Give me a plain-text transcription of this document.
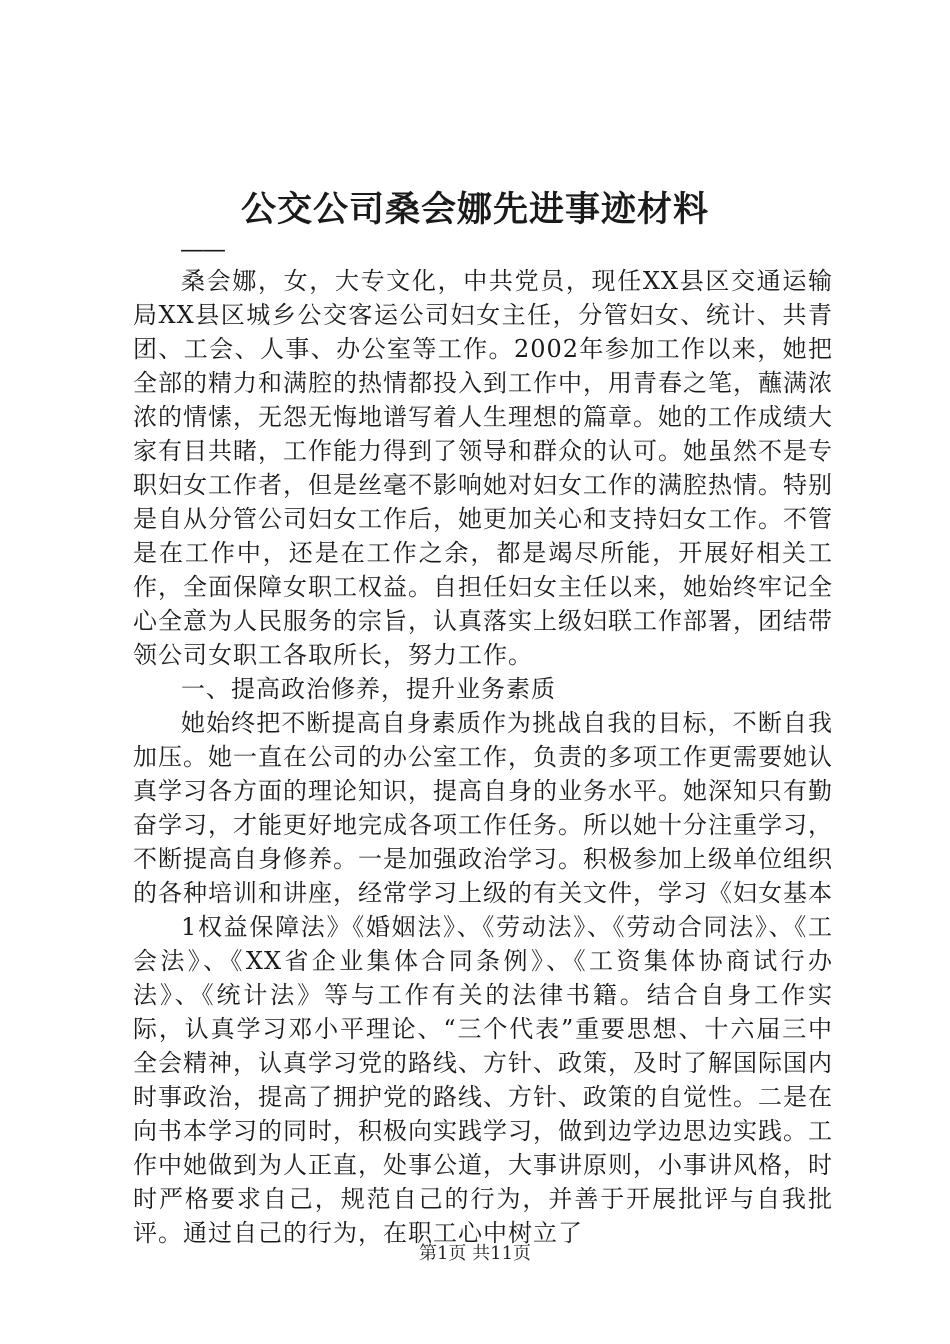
公交公司桑会娜先进事迹材料
——

桑会娜，女，大专文化，中共党员，现任XX县区交通运输局XX县区城乡公交客运公司妇女主任，分管妇女、统计、共青团、工会、人事、办公室等工作。2002年参加工作以来，她把全部的精力和满腔的热情都投入到工作中，用青春之笔，蘸满浓浓的情愫，无怨无悔地谱写着人生理想的篇章。她的工作成绩大家有目共睹，工作能力得到了领导和群众的认可。她虽然不是专职妇女工作者，但是丝毫不影响她对妇女工作的满腔热情。特别是自从分管公司妇女工作后，她更加关心和支持妇女工作。不管是在工作中，还是在工作之余，都是竭尽所能，开展好相关工作，全面保障女职工权益。自担任妇女主任以来，她始终牢记全心全意为人民服务的宗旨，认真落实上级妇联工作部署，团结带领公司女职工各取所长，努力工作。

一、提高政治修养，提升业务素质

她始终把不断提高自身素质作为挑战自我的目标，不断自我加压。她一直在公司的办公室工作，负责的多项工作更需要她认真学习各方面的理论知识，提高自身的业务水平。她深知只有勤奋学习，才能更好地完成各项工作任务。所以她十分注重学习，不断提高自身修养。一是加强政治学习。积极参加上级单位组织的各种培训和讲座，经常学习上级的有关文件，学习《妇女基本

1权益保障法》《婚姻法》、《劳动法》、《劳动合同法》、《工会法》、《XX省企业集体合同条例》、《工资集体协商试行办法》、《统计法》等与工作有关的法律书籍。结合自身工作实际，认真学习邓小平理论、“三个代表”重要思想、十六届三中全会精神，认真学习党的路线、方针、政策，及时了解国际国内时事政治，提高了拥护党的路线、方针、政策的自觉性。二是在向书本学习的同时，积极向实践学习，做到边学边思边实践。工作中她做到为人正直，处事公道，大事讲原则，小事讲风格，时时严格要求自己，规范自己的行为，并善于开展批评与自我批评。通过自己的行为，在职工心中树立了

第1页 共11页
